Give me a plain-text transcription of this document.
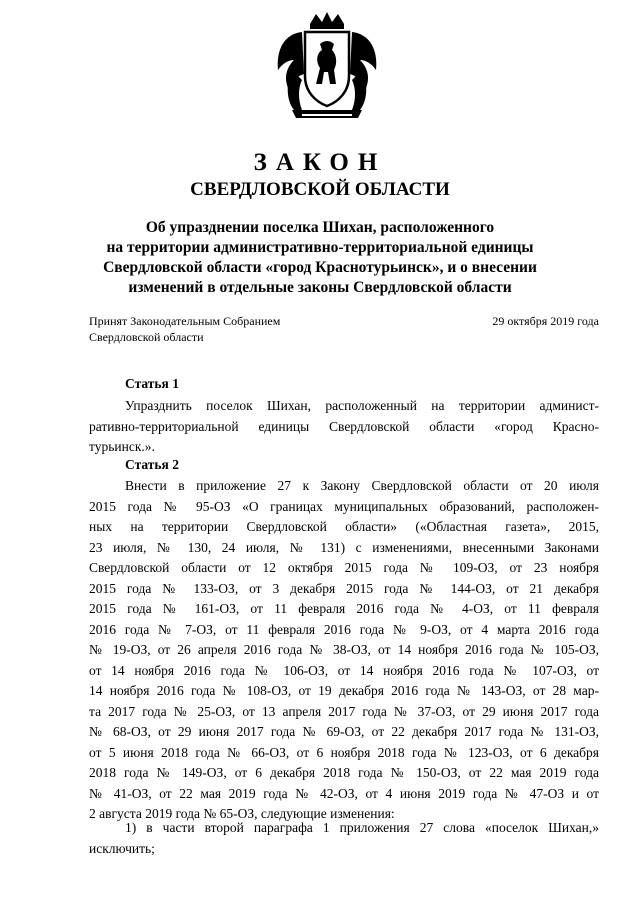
ЗАКОН
СВЕРДЛОВСКОЙ ОБЛАСТИ
Об упразднении поселка Шихан, расположенного
на территории административно-территориальной единицы
Свердловской области «город Краснотурьинск», и о внесении
изменений в отдельные законы Свердловской области
Принят Законодательным Собранием
Свердловской области
29 октября 2019 года
Статья 1
Упразднить поселок Шихан, расположенный на территории админист-
ративно-территориальной единицы Свердловской области «город Красно-
турьинск.».
Статья 2
Внести в приложение 27 к Закону Свердловской области от 20 июля
2015 года № 95-ОЗ «О границах муниципальных образований, расположен-
ных на территории Свердловской области» («Областная газета», 2015,
23 июля, № 130, 24 июля, № 131) с изменениями, внесенными Законами
Свердловской области от 12 октября 2015 года № 109-ОЗ, от 23 ноября
2015 года № 133-ОЗ, от 3 декабря 2015 года № 144-ОЗ, от 21 декабря
2015 года № 161-ОЗ, от 11 февраля 2016 года № 4-ОЗ, от 11 февраля
2016 года № 7-ОЗ, от 11 февраля 2016 года № 9-ОЗ, от 4 марта 2016 года
№ 19-ОЗ, от 26 апреля 2016 года № 38-ОЗ, от 14 ноября 2016 года № 105-ОЗ,
от 14 ноября 2016 года № 106-ОЗ, от 14 ноября 2016 года № 107-ОЗ, от
14 ноября 2016 года № 108-ОЗ, от 19 декабря 2016 года № 143-ОЗ, от 28 мар-
та 2017 года № 25-ОЗ, от 13 апреля 2017 года № 37-ОЗ, от 29 июня 2017 года
№ 68-ОЗ, от 29 июня 2017 года № 69-ОЗ, от 22 декабря 2017 года № 131-ОЗ,
от 5 июня 2018 года № 66-ОЗ, от 6 ноября 2018 года № 123-ОЗ, от 6 декабря
2018 года № 149-ОЗ, от 6 декабря 2018 года № 150-ОЗ, от 22 мая 2019 года
№ 41-ОЗ, от 22 мая 2019 года № 42-ОЗ, от 4 июня 2019 года № 47-ОЗ и от
2 августа 2019 года № 65-ОЗ, следующие изменения:
1) в части второй параграфа 1 приложения 27 слова «поселок Шихан,»
исключить;
